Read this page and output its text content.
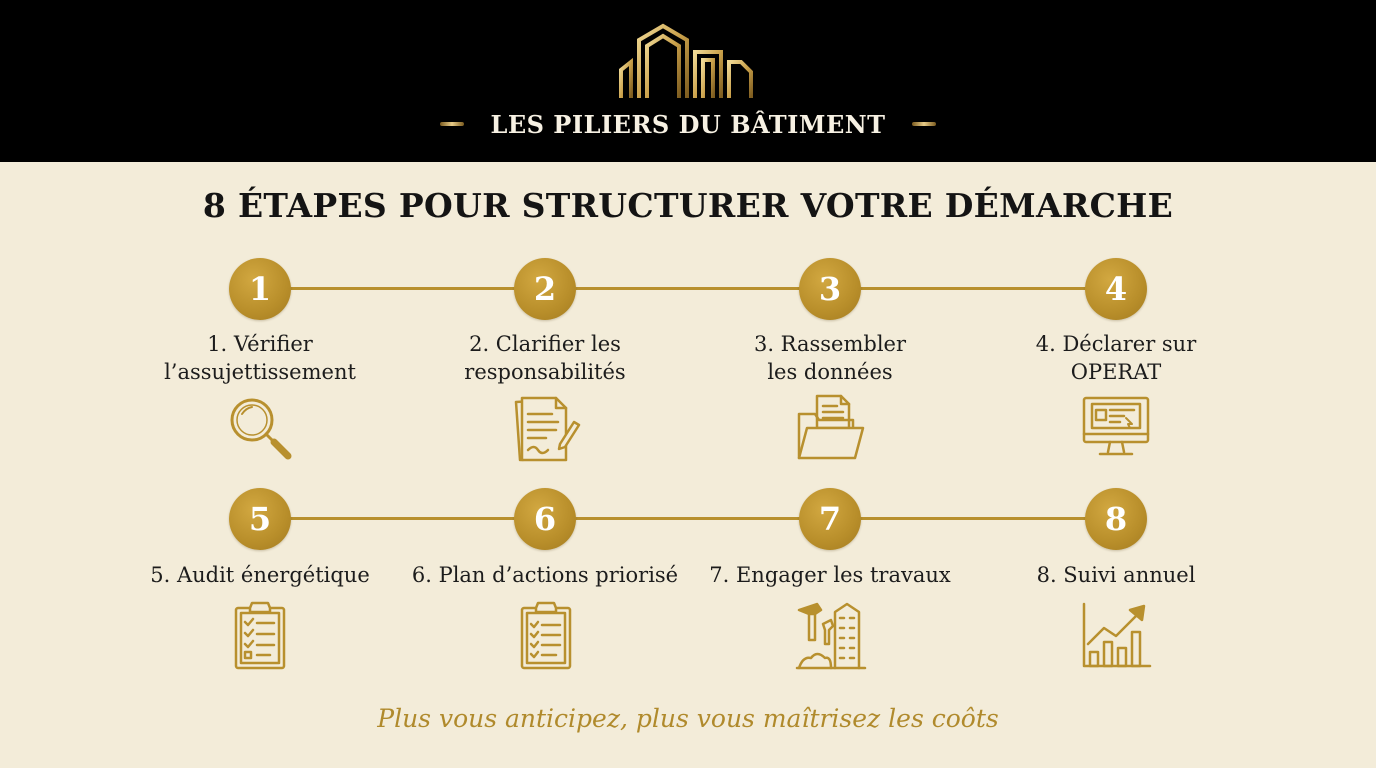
LES PILIERS DU BÂTIMENT
8 ÉTAPES POUR STRUCTURER VOTRE DÉMARCHE
1	2	3	4
1. Vérifier
l’assujettissement
2. Clarifier les
responsabilités
3. Rassembler
les données
4. Déclarer sur
OPERAT
5	6	7	8
5. Audit énergétique	6. Plan d’actions priorisé	7. Engager les travaux	8. Suivi annuel
Plus vous anticipez, plus vous maîtrisez les coôts
